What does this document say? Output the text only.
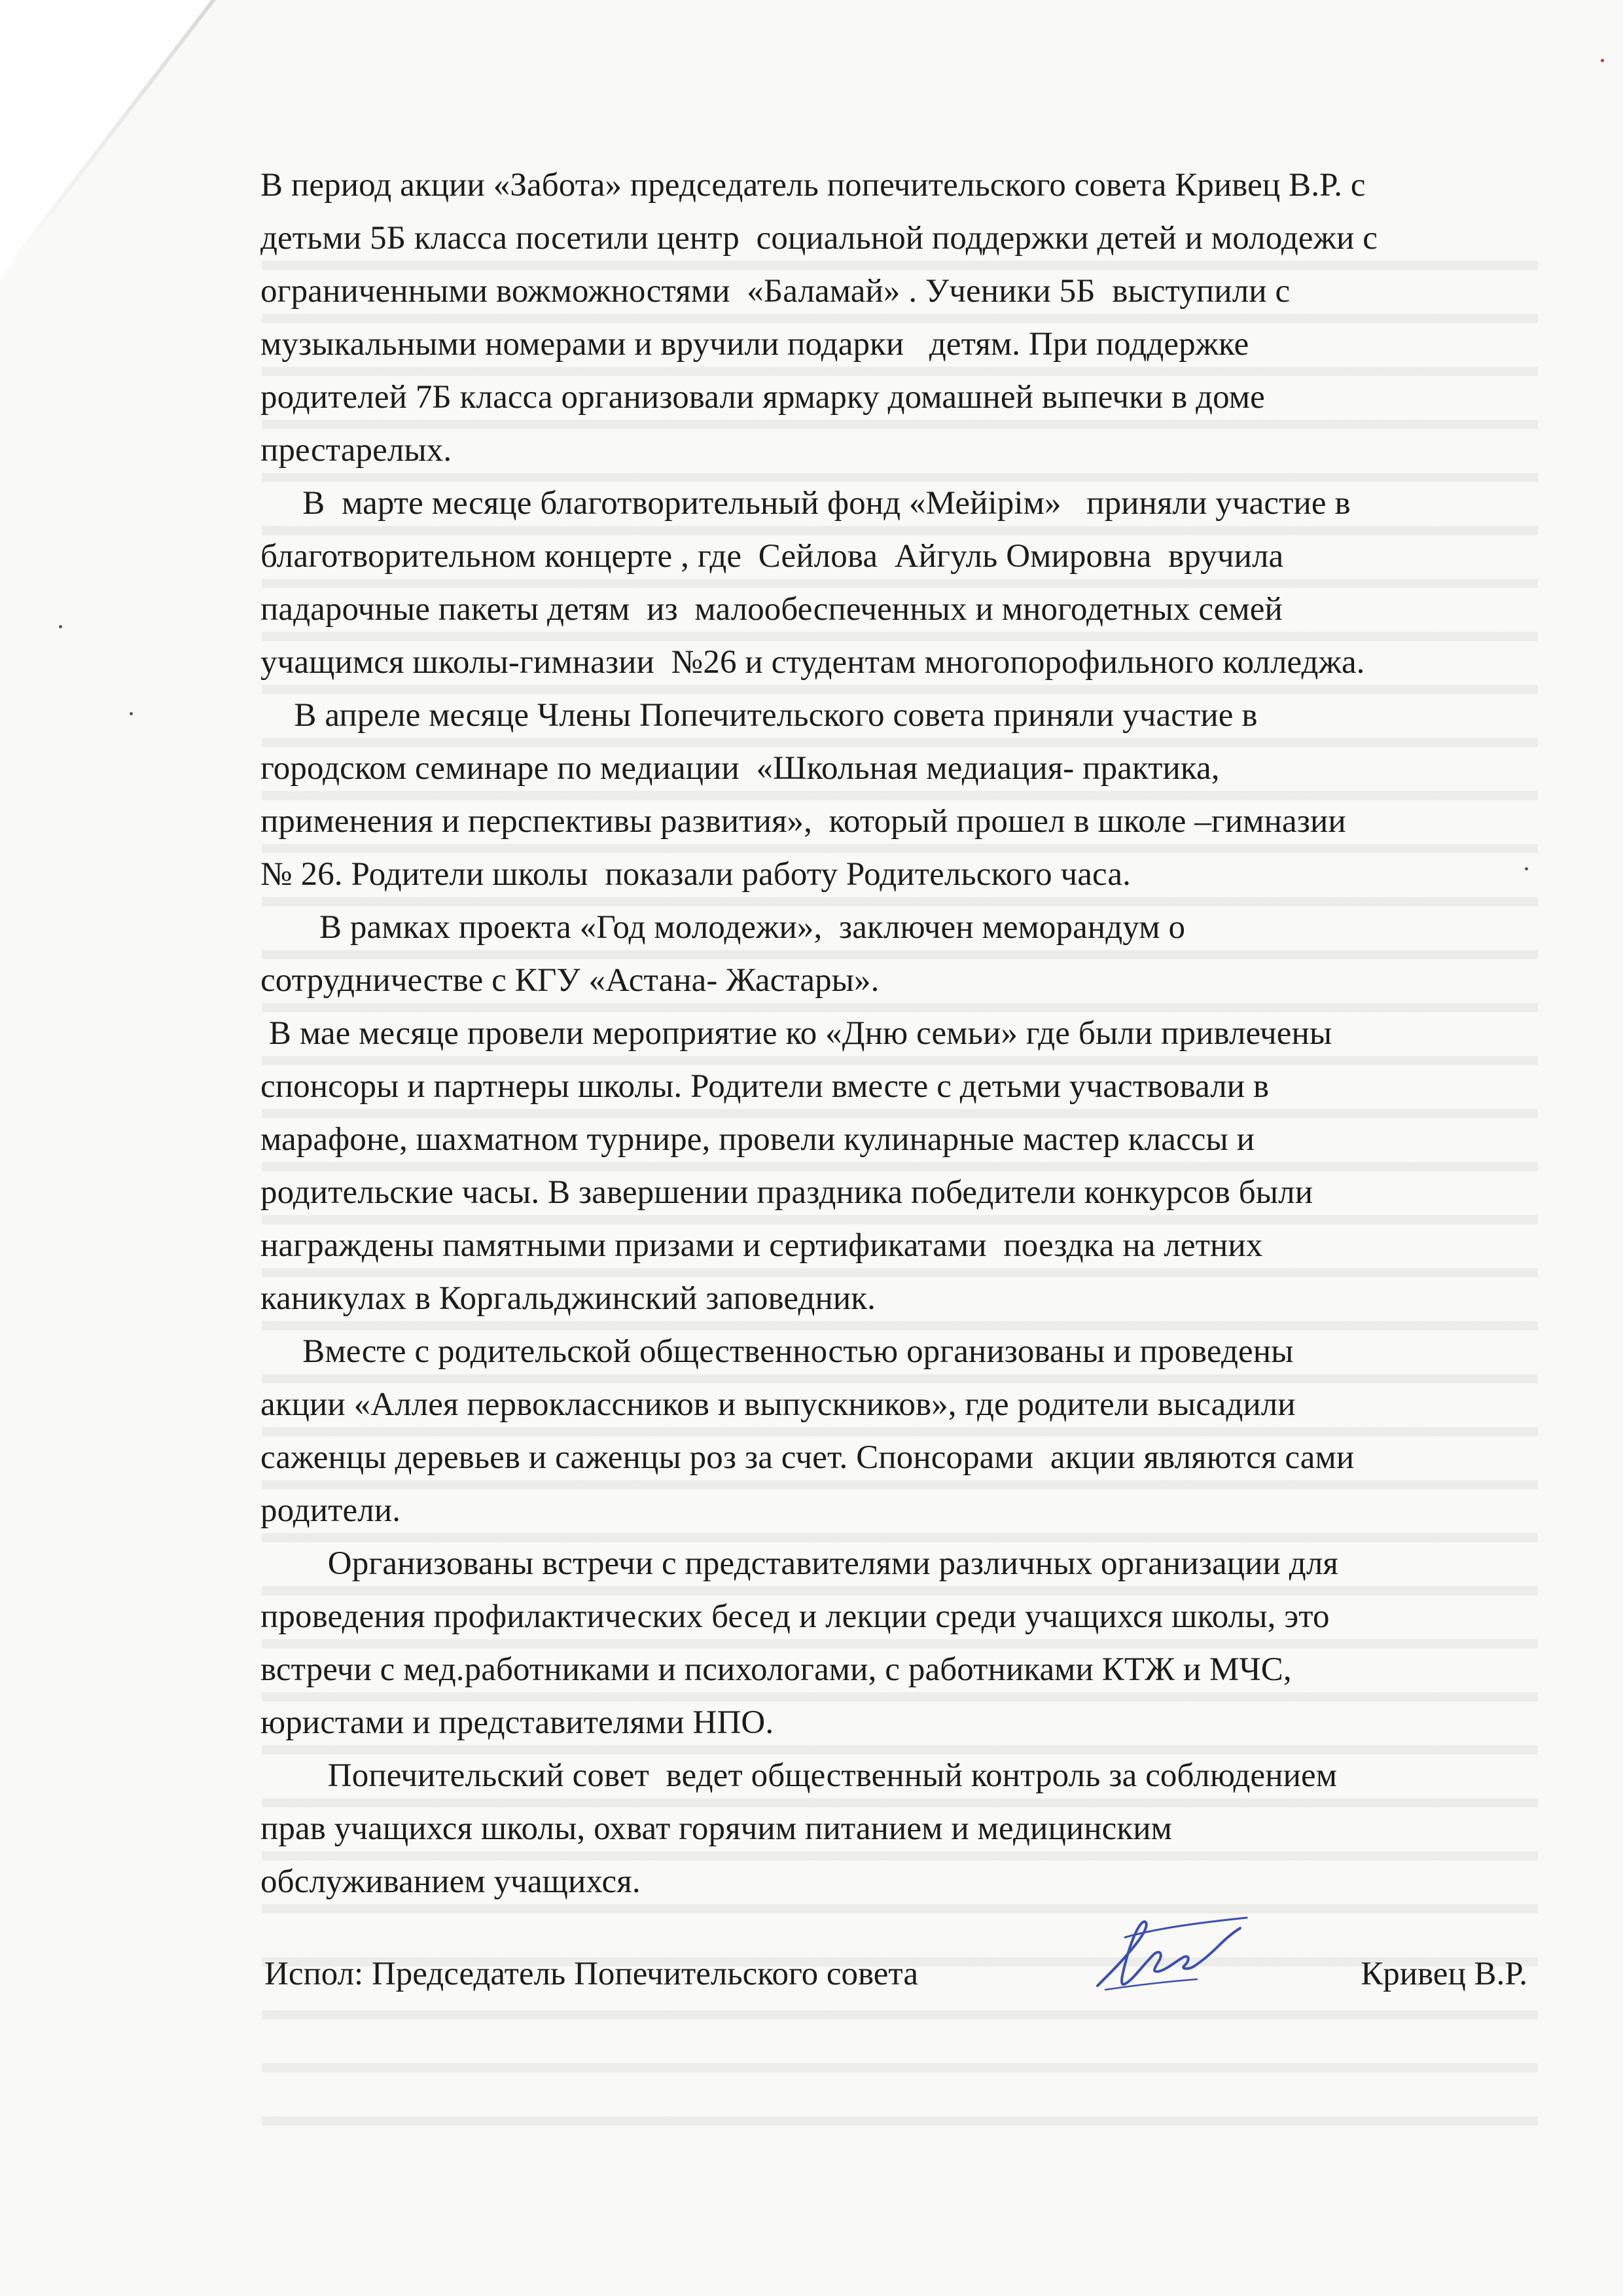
В период акции «Забота» председатель попечительского совета Кривец В.Р. с
детьми 5Б класса посетили центр  социальной поддержки детей и молодежи с
ограниченными вожможностями  «Баламай» . Ученики 5Б  выступили с
музыкальными номерами и вручили подарки   детям. При поддержке
родителей 7Б класса организовали ярмарку домашней выпечки в доме
престарелых.
В  марте месяце благотворительный фонд «Мейірім»   приняли участие в
благотворительном концерте , где  Сейлова  Айгуль Омировна  вручила
падарочные пакеты детям  из  малообеспеченных и многодетных семей
учащимся школы-гимназии  №26 и студентам многопорофильного колледжа.
В апреле месяце Члены Попечительского совета приняли участие в
городском семинаре по медиации  «Школьная медиация- практика,
применения и перспективы развития»,  который прошел в школе –гимназии
№ 26. Родители школы  показали работу Родительского часа.
В рамках проекта «Год молодежи»,  заключен меморандум о
сотрудничестве с КГУ «Астана- Жастары».
В мае месяце провели мероприятие ко «Дню семьи» где были привлечены
спонсоры и партнеры школы. Родители вместе с детьми участвовали в
марафоне, шахматном турнире, провели кулинарные мастер классы и
родительские часы. В завершении праздника победители конкурсов были
награждены памятными призами и сертификатами  поездка на летних
каникулах в Коргальджинский заповедник.
Вместе с родительской общественностью организованы и проведены
акции «Аллея первоклассников и выпускников», где родители высадили
саженцы деревьев и саженцы роз за счет. Спонсорами  акции являются сами
родители.
Организованы встречи с представителями различных организации для
проведения профилактических бесед и лекции среди учащихся школы, это
встречи с мед.работниками и психологами, с работниками КТЖ и МЧС,
юристами и представителями НПО.
Попечительский совет  ведет общественный контроль за соблюдением
прав учащихся школы, охват горячим питанием и медицинским
обслуживанием учащихся.
Испол: Председатель Попечительского совета	Кривец В.Р.
